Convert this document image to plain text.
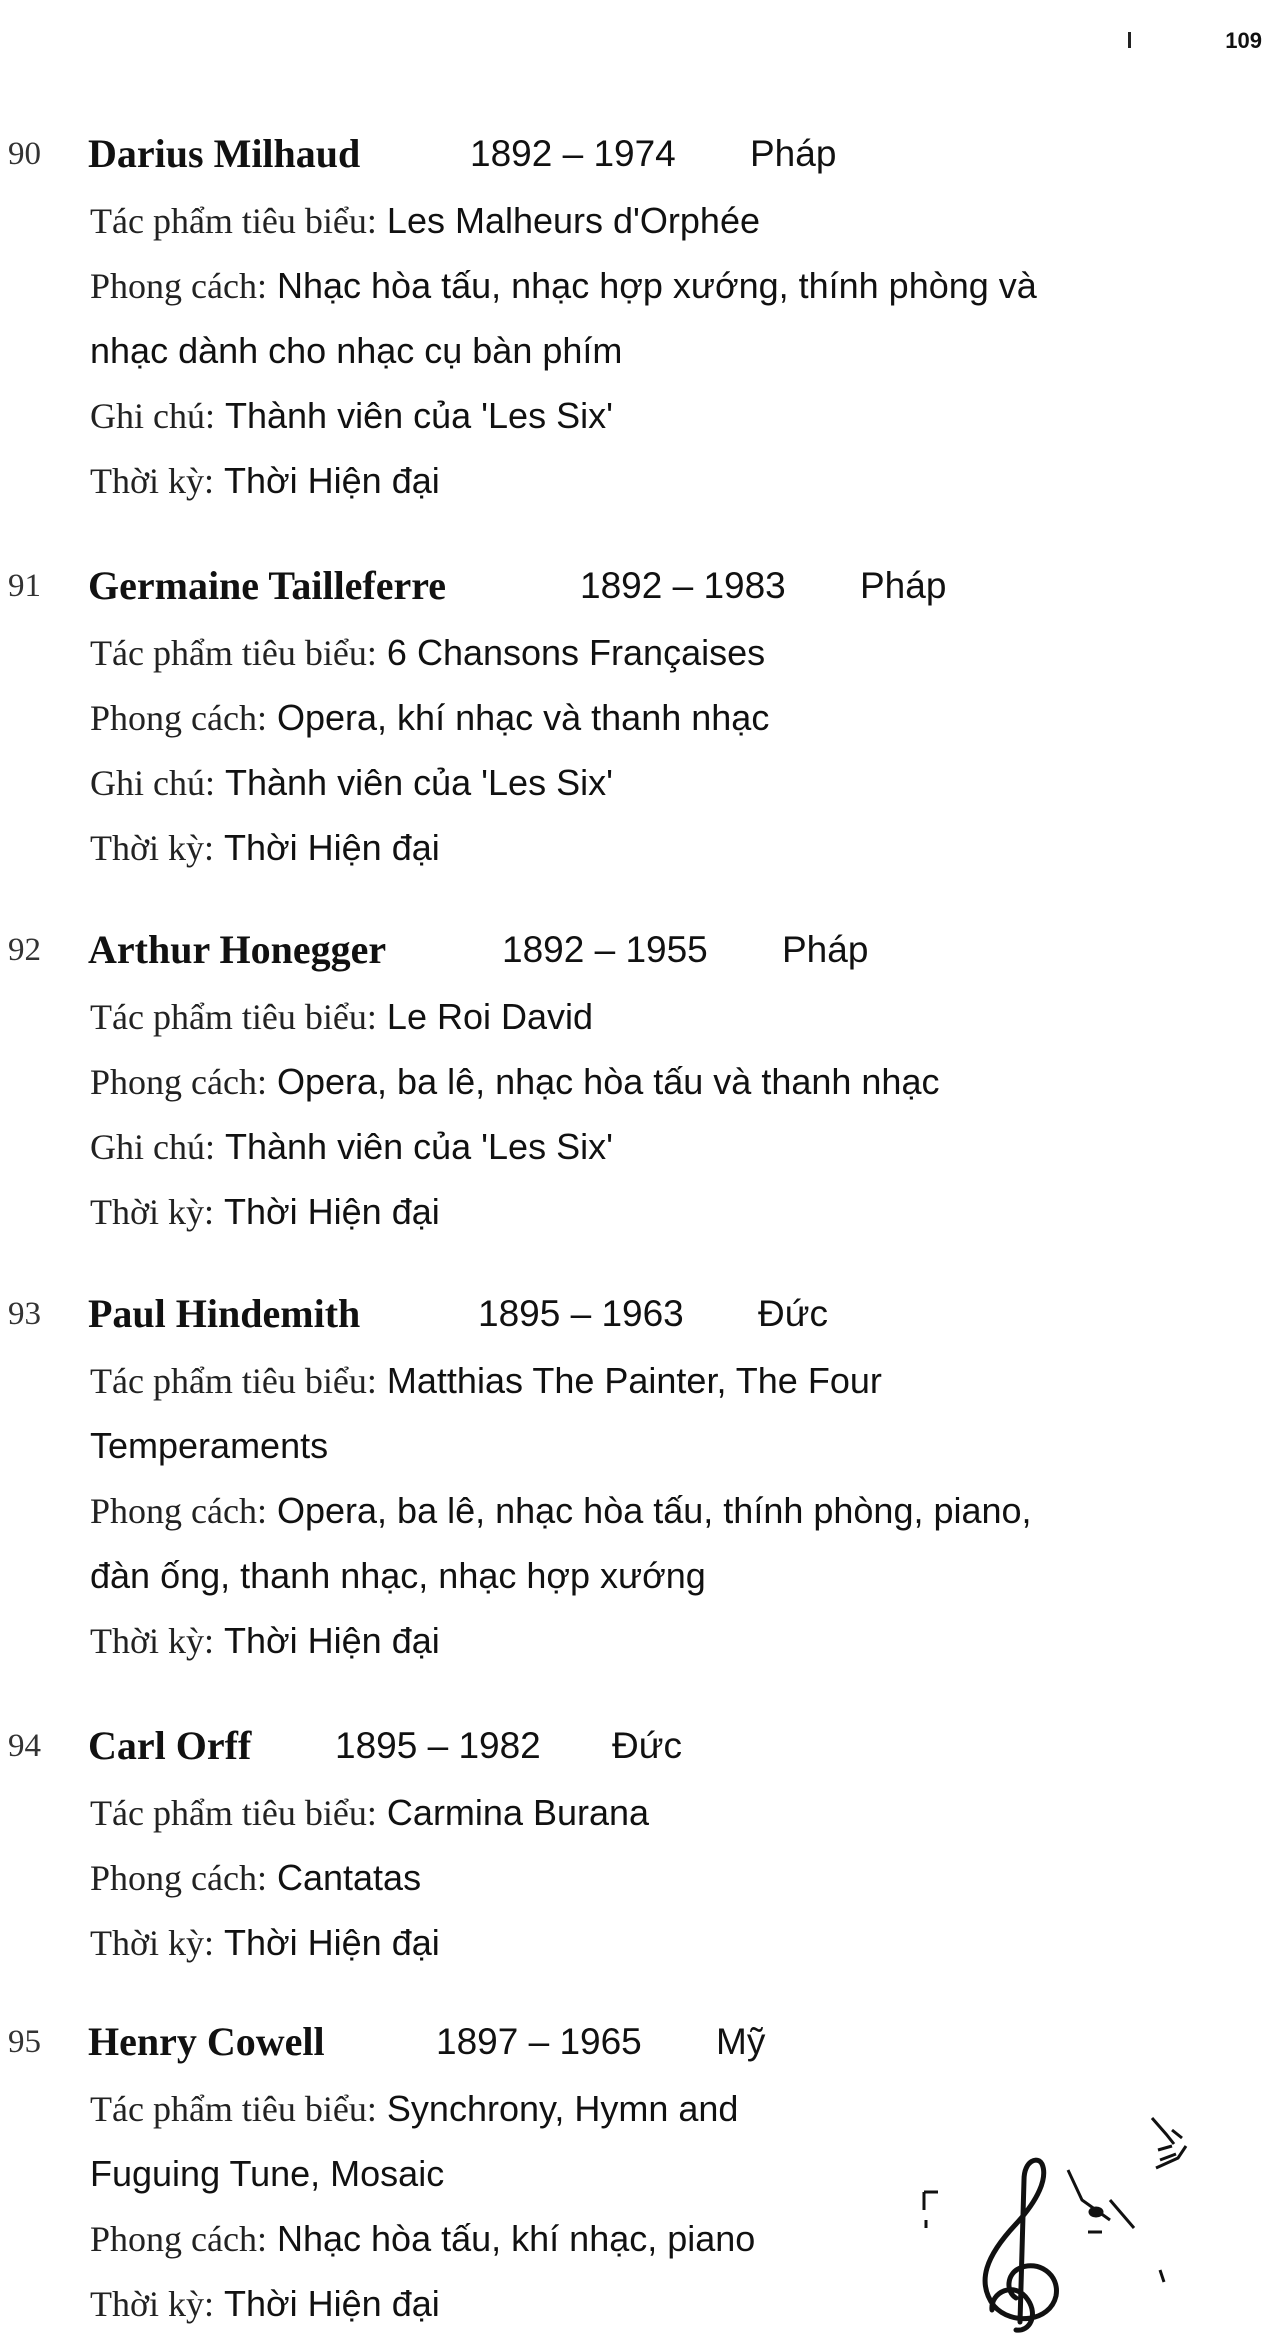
109
90 Darius Milhaud	1892 – 1974 Pháp
Tác phẩm tiêu biểu: Les Malheurs d'Orphée
Phong cách: Nhạc hòa tấu, nhạc hợp xướng, thính phòng và
nhạc dành cho nhạc cụ bàn phím
Ghi chú: Thành viên của 'Les Six'
Thời kỳ: Thời Hiện đại
91 Germaine Tailleferre	1892 – 1983 Pháp
Tác phẩm tiêu biểu: 6 Chansons Françaises
Phong cách: Opera, khí nhạc và thanh nhạc
Ghi chú: Thành viên của 'Les Six'
Thời kỳ: Thời Hiện đại
92 Arthur Honegger	1892 – 1955 Pháp
Tác phẩm tiêu biểu: Le Roi David
Phong cách: Opera, ba lê, nhạc hòa tấu và thanh nhạc
Ghi chú: Thành viên của 'Les Six'
Thời kỳ: Thời Hiện đại
93 Paul Hindemith	1895 – 1963 Đức
Tác phẩm tiêu biểu: Matthias The Painter, The Four
Temperaments
Phong cách: Opera, ba lê, nhạc hòa tấu, thính phòng, piano,
đàn ống, thanh nhạc, nhạc hợp xướng
Thời kỳ: Thời Hiện đại
94 Carl Orff 1895 – 1982 Đức
Tác phẩm tiêu biểu: Carmina Burana
Phong cách: Cantatas
Thời kỳ: Thời Hiện đại
95 Henry Cowell	1897 – 1965 Mỹ
Tác phẩm tiêu biểu: Synchrony, Hymn and
Fuguing Tune, Mosaic
Phong cách: Nhạc hòa tấu, khí nhạc, piano
Thời kỳ: Thời Hiện đại
